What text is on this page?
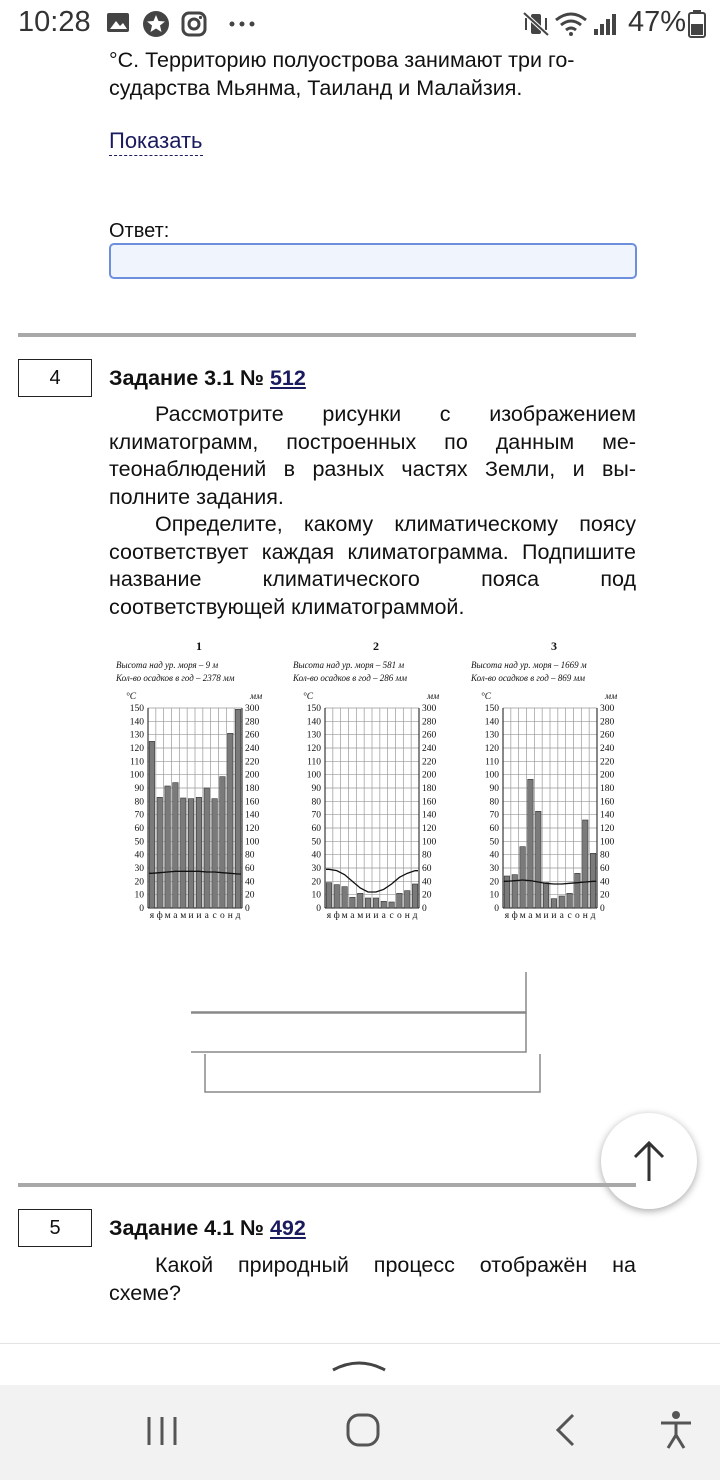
10:28	47%
°C. Территорию полуострова занимают три го-
сударства Мьянма, Таиланд и Малайзия.
Показать
Ответ:
4	Задание 3.1 № 512
Рассмотрите рисунки с изображением климатограмм, построенных по данным ме-теонаблюдений в разных частях Земли, и вы-полните задания.
Определите, какому климатическому поясу соответствует каждая климатограмма. Подпишите название климатического пояса под соответствующей климатограммой.
1
Высота над ур. моря – 9 м
Кол-во осадков в год – 2378 мм
0
10
20
30
40
50
60
70
80
90
100
110
120
130
140
150
0
20
40
60
80
100
120
140
160
180
200
220
240
260
280
300
°С	мм
я ф м а м и и а с о н д
2
Высота над ур. моря – 581 м
Кол-во осадков в год – 286 мм
0
10
20
30
40
50
60
70
80
90
100
110
120
130
140
150
0
20
40
60
80
100
120
140
160
180
200
220
240
260
280
300
°С	мм
я ф м а м и и а с о н д
3
Высота над ур. моря – 1669 м
Кол-во осадков в год – 869 мм
0
10
20
30
40
50
60
70
80
90
100
110
120
130
140
150
0
20
40
60
80
100
120
140
160
180
200
220
240
260
280
300
°С	мм
я ф м а м и и а с о н д
5	Задание 4.1 № 492
Какой природный процесс отображён на схеме?
